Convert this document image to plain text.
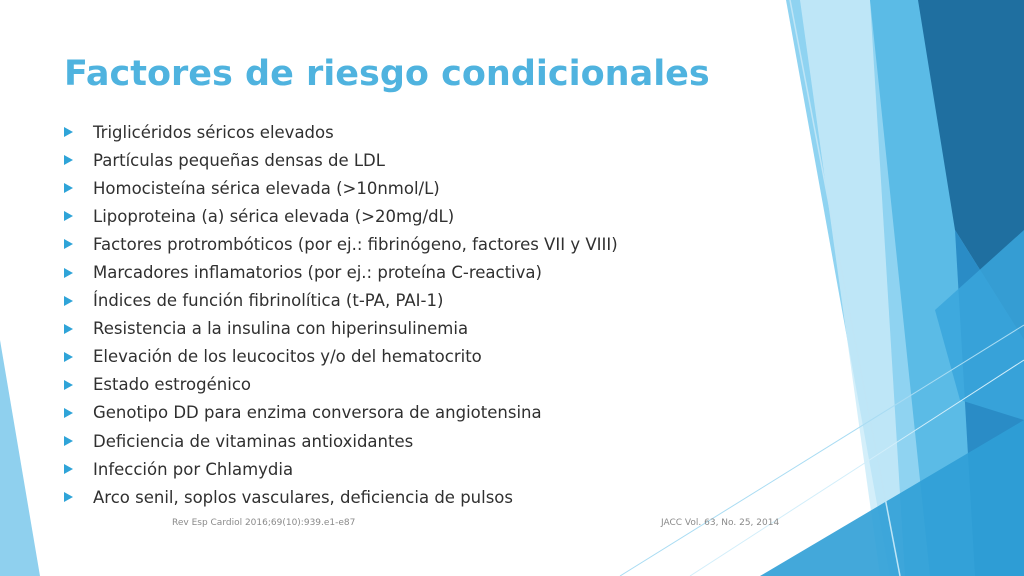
Factores de riesgo condicionales
Triglicéridos séricos elevados
Partículas pequeñas densas de LDL
Homocisteína sérica elevada (>10nmol/L)
Lipoproteina (a) sérica elevada (>20mg/dL)
Factores protrombóticos (por ej.: fibrinógeno, factores VII y VIII)
Marcadores inflamatorios (por ej.: proteína C-reactiva)
Índices de función fibrinolítica (t-PA, PAI-1)
Resistencia a la insulina con hiperinsulinemia
Elevación de los leucocitos y/o del hematocrito
Estado estrogénico
Genotipo DD para enzima conversora de angiotensina
Deficiencia de vitaminas antioxidantes
Infección por Chlamydia
Arco senil, soplos vasculares, deficiencia de pulsos
Rev Esp Cardiol 2016;69(10):939.e1-e87	JACC Vol. 63, No. 25, 2014
